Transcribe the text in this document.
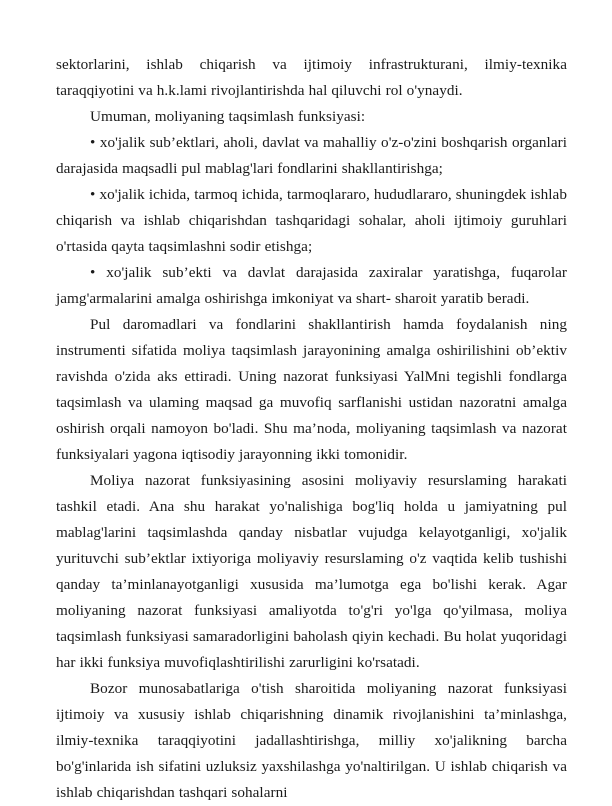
sektorlarini, ishlab chiqarish va ijtimoiy infrastrukturani, ilmiy-texnika taraqqiyotini va h.k.lami rivojlantirishda hal qiluvchi rol o'ynaydi.

Umuman, moliyaning taqsimlash funksiyasi:

• xo'jalik sub’ektlari, aholi, davlat va mahalliy o'z-o'zini boshqarish organlari darajasida maqsadli pul mablag'lari fondlarini shakllantirishga;

• xo'jalik ichida, tarmoq ichida, tarmoqlararo, hududlararo, shuningdek ishlab chiqarish va ishlab chiqarishdan tashqaridagi sohalar, aholi ijtimoiy guruhlari o'rtasida qayta taqsimlashni sodir etishga;

• xo'jalik sub’ekti va davlat darajasida zaxiralar yaratishga, fuqarolar jamg'armalarini amalga oshirishga imkoniyat va shart- sharoit yaratib beradi.

Pul daromadlari va fondlarini shakllantirish hamda foydalanish ning instrumenti sifatida moliya taqsimlash jarayonining amalga oshirilishini ob’ektiv ravishda o'zida aks ettiradi. Uning nazorat funksiyasi YalMni tegishli fondlarga taqsimlash va ulaming maqsad ga muvofiq sarflanishi ustidan nazoratni amalga oshirish orqali namoyon bo'ladi. Shu ma’noda, moliyaning taqsimlash va nazorat funksiyalari yagona iqtisodiy jarayonning ikki tomonidir.

Moliya nazorat funksiyasining asosini moliyaviy resurslaming harakati tashkil etadi. Ana shu harakat yo'nalishiga bog'liq holda u jamiyatning pul mablag'larini taqsimlashda qanday nisbatlar vujudga kelayotganligi, xo'jalik yurituvchi sub’ektlar ixtiyoriga moliyaviy resurslaming o'z vaqtida kelib tushishi qanday ta’minlanayotganligi xususida ma’lumotga ega bo'lishi kerak. Agar moliyaning nazorat funksiyasi amaliyotda to'g'ri yo'lga qo'yilmasa, moliya taqsimlash funksiyasi samaradorligini baholash qiyin kechadi. Bu holat yuqoridagi har ikki funksiya muvofiqlashtirilishi zarurligini ko'rsatadi.

Bozor munosabatlariga o'tish sharoitida moliyaning nazorat funksiyasi ijtimoiy va xususiy ishlab chiqarishning dinamik rivojlanishini ta’minlashga, ilmiy-texnika taraqqiyotini jadallashtirishga, milliy xo'jalikning barcha bo'g'inlarida ish sifatini uzluksiz yaxshilashga yo'naltirilgan. U ishlab chiqarish va ishlab chiqarishdan tashqari sohalarni
